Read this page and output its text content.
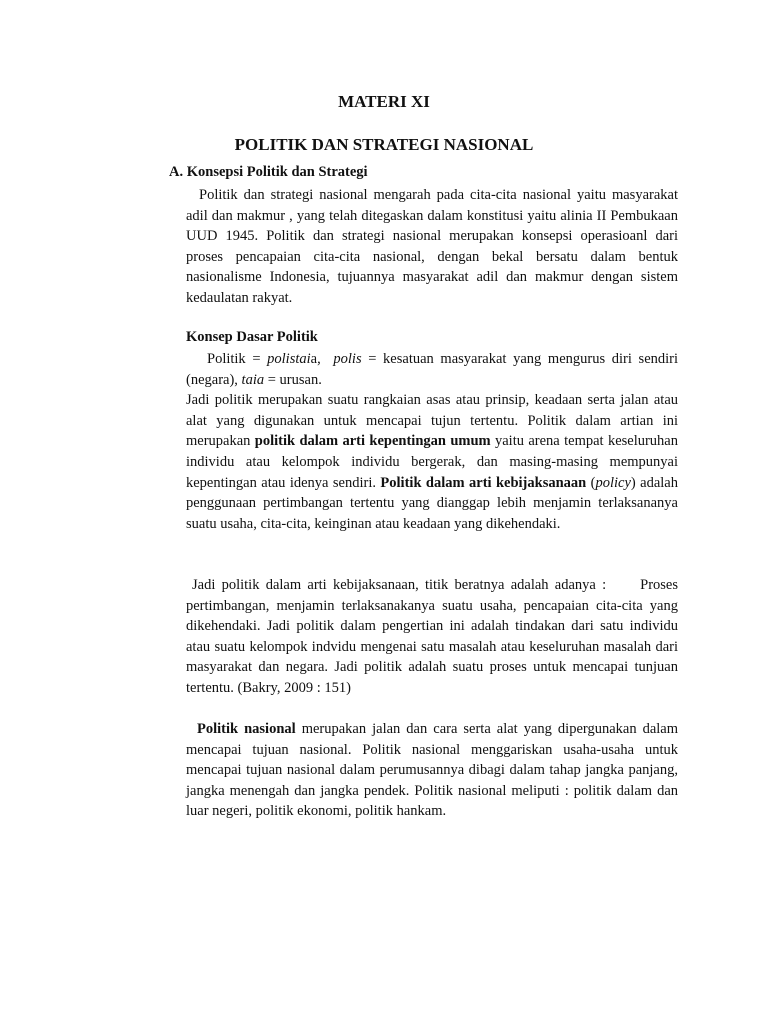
MATERI XI
POLITIK DAN STRATEGI NASIONAL
A. Konsepsi Politik dan Strategi

Politik dan strategi nasional mengarah pada cita-cita nasional yaitu masyarakat adil dan makmur , yang telah ditegaskan dalam konstitusi yaitu alinia II Pembukaan UUD 1945. Politik dan strategi nasional merupakan konsepsi operasioanl dari proses pencapaian cita-cita nasional, dengan bekal bersatu dalam bentuk nasionalisme Indonesia, tujuannya masyarakat adil dan makmur dengan sistem kedaulatan rakyat.

Konsep Dasar Politik

Politik = polistaia, polis = kesatuan masyarakat yang mengurus diri sendiri (negara), taia = urusan.
Jadi politik merupakan suatu rangkaian asas atau prinsip, keadaan serta jalan atau alat yang digunakan untuk mencapai tujun tertentu. Politik dalam artian ini merupakan politik dalam arti kepentingan umum yaitu arena tempat keseluruhan individu atau kelompok individu bergerak, dan masing-masing mempunyai kepentingan atau idenya sendiri. Politik dalam arti kebijaksanaan (policy) adalah penggunaan pertimbangan tertentu yang dianggap lebih menjamin terlaksananya suatu usaha, cita-cita, keinginan atau keadaan yang dikehendaki.

Jadi politik dalam arti kebijaksanaan, titik beratnya adalah adanya : Proses pertimbangan, menjamin terlaksanakanya suatu usaha, pencapaian cita-cita yang dikehendaki. Jadi politik dalam pengertian ini adalah tindakan dari satu individu atau suatu kelompok indvidu mengenai satu masalah atau keseluruhan masalah dari masyarakat dan negara. Jadi politik adalah suatu proses untuk mencapai tunjuan tertentu. (Bakry, 2009 : 151)

Politik nasional merupakan jalan dan cara serta alat yang dipergunakan dalam mencapai tujuan nasional. Politik nasional menggariskan usaha-usaha untuk mencapai tujuan nasional dalam perumusannya dibagi dalam tahap jangka panjang, jangka menengah dan jangka pendek. Politik nasional meliputi : politik dalam dan luar negeri, politik ekonomi, politik hankam.
